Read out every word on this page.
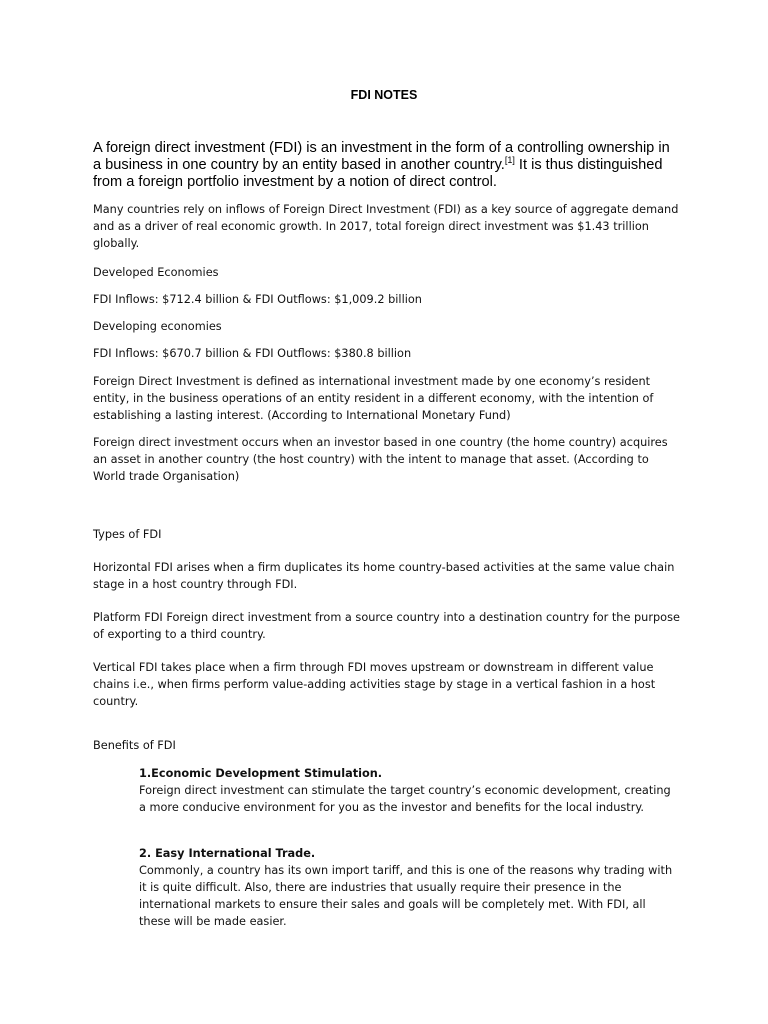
FDI NOTES

A foreign direct investment (FDI) is an investment in the form of a controlling ownership in a business in one country by an entity based in another country.[1] It is thus distinguished from a foreign portfolio investment by a notion of direct control.

Many countries rely on inflows of Foreign Direct Investment (FDI) as a key source of aggregate demand and as a driver of real economic growth. In 2017, total foreign direct investment was $1.43 trillion globally.

Developed Economies

FDI Inflows: $712.4 billion & FDI Outflows: $1,009.2 billion

Developing economies

FDI Inflows: $670.7 billion & FDI Outflows: $380.8 billion

Foreign Direct Investment is defined as international investment made by one economy’s resident entity, in the business operations of an entity resident in a different economy, with the intention of establishing a lasting interest. (According to International Monetary Fund)

Foreign direct investment occurs when an investor based in one country (the home country) acquires an asset in another country (the host country) with the intent to manage that asset. (According to World trade Organisation)

Types of FDI

Horizontal FDI arises when a firm duplicates its home country-based activities at the same value chain stage in a host country through FDI.

Platform FDI Foreign direct investment from a source country into a destination country for the purpose of exporting to a third country.

Vertical FDI takes place when a firm through FDI moves upstream or downstream in different value chains i.e., when firms perform value-adding activities stage by stage in a vertical fashion in a host country.

Benefits of FDI

1.Economic Development Stimulation.
Foreign direct investment can stimulate the target country’s economic development, creating a more conducive environment for you as the investor and benefits for the local industry.
2. Easy International Trade.
Commonly, a country has its own import tariff, and this is one of the reasons why trading with it is quite difficult. Also, there are industries that usually require their presence in the international markets to ensure their sales and goals will be completely met. With FDI, all these will be made easier.
